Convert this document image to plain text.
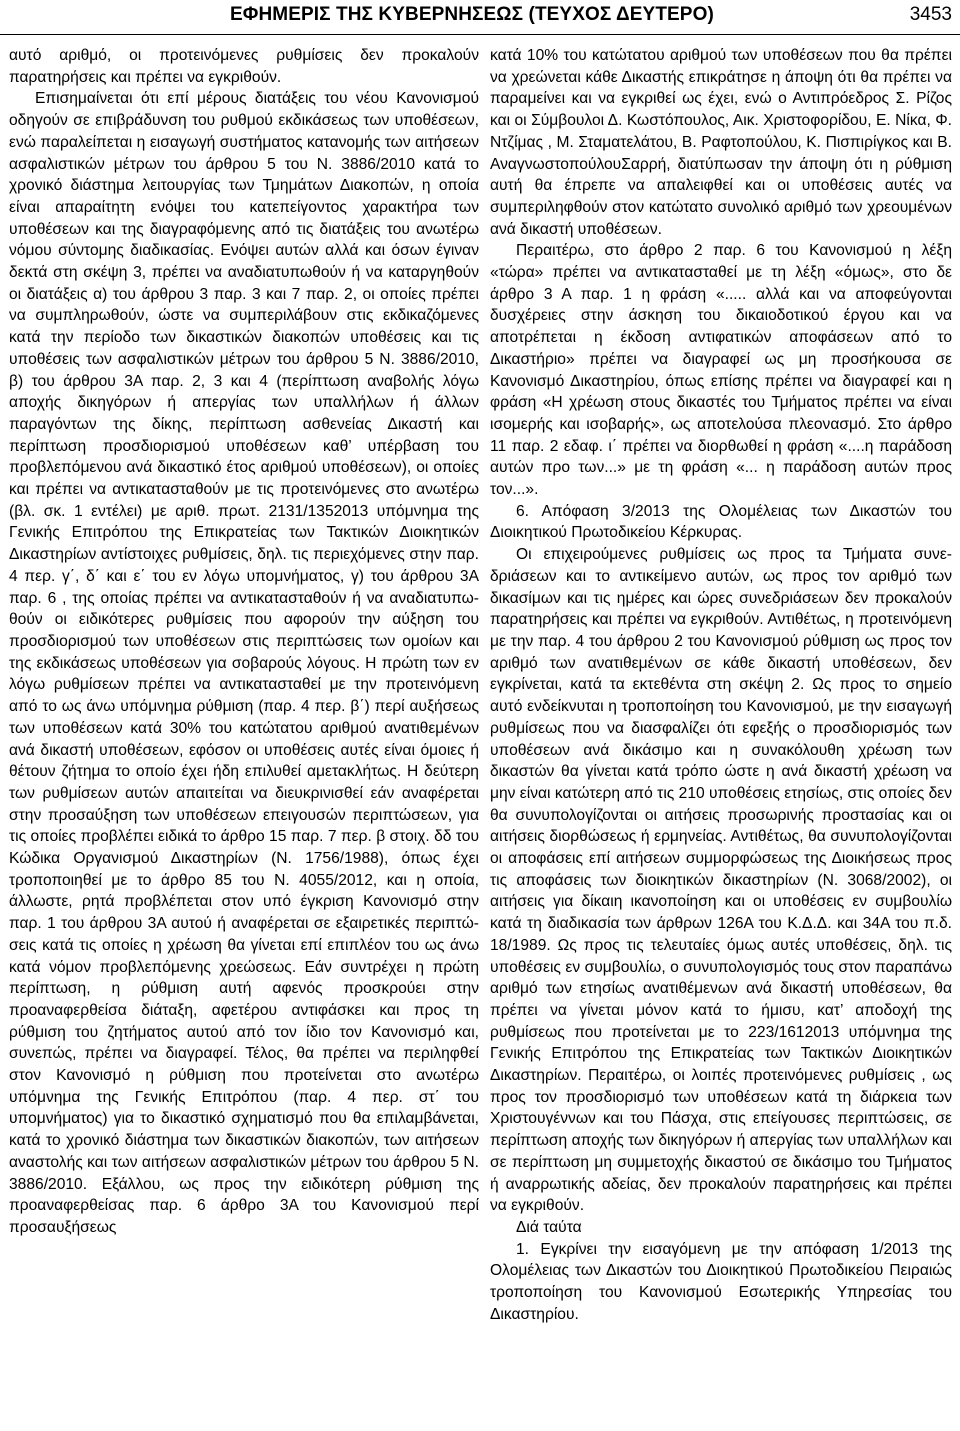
ΕΦΗΜΕΡΙΣ ΤΗΣ ΚΥΒΕΡΝΗΣΕΩΣ (ΤΕΥΧΟΣ ΔΕΥΤΕΡΟ)	3453

αυτό αριθμό, οι προτεινόμενες ρυθμίσεις δεν προκαλούν παρατηρήσεις και πρέπει να εγκριθούν.

Επισημαίνεται ότι επί μέρους διατάξεις του νέου Κανονισμού οδηγούν σε επιβράδυνση του ρυθμού εκδικάσεως των υποθέσεων, ενώ παραλείπεται η εισαγωγή συστήματος κατανομής των αιτήσεων ασφαλιστικών μέτρων του άρθρου 5 του Ν. 3886/2010 κατά το χρονικό διάστημα λειτουργίας των Τμημάτων Διακοπών, η οποία είναι απαραίτητη ενόψει του κατεπείγοντος χαρακτήρα των υποθέσεων και της διαγραφόμενης από τις διατάξεις του ανωτέρω νόμου σύντομης διαδικασίας. Ενόψει αυτών αλλά και όσων έγιναν δεκτά στη σκέψη 3, πρέπει να αναδιατυπωθούν ή να καταργηθούν οι διατάξεις α) του άρθρου 3 παρ. 3 και 7 παρ. 2, οι οποίες πρέπει να συμπληρωθούν, ώστε να συμπεριλάβουν στις εκδικαζόμενες κατά την περίοδο των δικαστικών διακοπών υποθέσεις και τις υποθέσεις των ασφαλιστικών μέτρων του άρθρου 5 Ν. 3886/2010, β) του άρθρου 3Α παρ. 2, 3 και 4 (περίπτωση αναβολής λόγω αποχής δικηγόρων ή απεργίας των υπαλλήλων ή άλλων παραγόντων της δίκης, περίπτωση ασθενείας Δικαστή και περίπτωση προσδιορισμού υποθέσεων καθ’ υπέρβαση του προβλεπόμενου ανά δικαστικό έτος αριθμού υποθέσεων), οι οποίες και πρέπει να αντικατασταθούν με τις προτεινόμενες στο ανωτέρω (βλ. σκ. 1 εντέλει) με αριθ. πρωτ. 2131/1352013 υπόμνημα της Γενικής Επιτρόπου της Επικρατείας των Τακτικών Διοικητικών Δικαστηρίων αντίστοιχες ρυθμίσεις, δηλ. τις περιεχόμενες στην παρ. 4 περ. γ΄, δ΄ και ε΄ του εν λόγω υπομνήματος, γ) του άρθρου 3Α παρ. 6 , της οποίας πρέπει να αντικατασταθούν ή να αναδιατυπωθούν οι ειδικότερες ρυθμίσεις που αφορούν την αύξηση του προσδιορισμού των υποθέσεων στις περιπτώσεις των ομοίων και της εκδικάσεως υποθέσεων για σοβαρούς λόγους. Η πρώτη των εν λόγω ρυθμίσεων πρέπει να αντικατασταθεί με την προτεινόμενη από το ως άνω υπόμνημα ρύθμιση (παρ. 4 περ. β΄) περί αυξήσεως των υποθέσεων κατά 30% του κατώτατου αριθμού ανατιθεμένων ανά δικαστή υποθέσεων, εφόσον οι υποθέσεις αυτές είναι όμοιες ή θέτουν ζήτημα το οποίο έχει ήδη επιλυθεί αμετακλήτως. Η δεύτερη των ρυθμίσεων αυτών απαιτείται να διευκρινισθεί εάν αναφέρεται στην προσαύξηση των υποθέσεων επειγουσών περιπτώσεων, για τις οποίες προβλέπει ειδικά το άρθρο 15 παρ. 7 περ. β στοιχ. δδ του Κώδικα Οργανισμού Δικαστηρίων (Ν. 1756/1988), όπως έχει τροποποιηθεί με το άρθρο 85 του Ν. 4055/2012, και η οποία, άλλωστε, ρητά προβλέπεται στον υπό έγκριση Κανονισμό στην παρ. 1 του άρθρου 3Α αυτού ή αναφέρεται σε εξαιρετικές περιπτώσεις κατά τις οποίες η χρέωση θα γίνεται επί επιπλέον του ως άνω κατά νόμον προβλεπόμενης χρεώσεως. Εάν συντρέχει η πρώτη περίπτωση, η ρύθμιση αυτή αφενός προσκρούει στην προαναφερθείσα διάταξη, αφετέρου αντιφάσκει και προς τη ρύθμιση του ζητήματος αυτού από τον ίδιο τον Κανονισμό και, συνεπώς, πρέπει να διαγραφεί. Τέλος, θα πρέπει να περιληφθεί στον Κανονισμό η ρύθμιση που προτείνεται στο ανωτέρω υπόμνημα της Γενικής Επιτρόπου (παρ. 4 περ. στ΄ του υπομνήματος) για το δικαστικό σχηματισμό που θα επιλαμβάνεται, κατά το χρονικό διάστημα των δικαστικών διακοπών, των αιτήσεων αναστολής και των αιτήσεων ασφαλιστικών μέτρων του άρθρου 5 Ν. 3886/2010. Εξάλλου, ως προς την ειδικότερη ρύθμιση της προαναφερθείσας παρ. 6 άρθρο 3Α του Κανονισμού περί προσαυξήσεως

κατά 10% του κατώτατου αριθμού των υποθέσεων που θα πρέπει να χρεώνεται κάθε Δικαστής επικράτησε η άποψη ότι θα πρέπει να παραμείνει και να εγκριθεί ως έχει, ενώ ο Αντιπρόεδρος Σ. Ρίζος και οι Σύμβουλοι Δ. Κωστόπουλος, Αικ. Χριστοφορίδου, Ε. Νίκα, Φ. Ντζίμας , Μ. Σταματελάτου, Β. Ραφτοπούλου, Κ. Πισπιρίγκος και Β. ΑναγνωστοπούλουΣαρρή, διατύπωσαν την άποψη ότι η ρύθμιση αυτή θα έπρεπε να απαλειφθεί και οι υποθέσεις αυτές να συμπεριληφθούν στον κατώτατο συνολικό αριθμό των χρεουμένων ανά δικαστή υποθέσεων.

Περαιτέρω, στο άρθρο 2 παρ. 6 του Κανονισμού η λέξη «τώρα» πρέπει να αντικατασταθεί με τη λέξη «όμως», στο δε άρθρο 3 Α παρ. 1 η φράση «..... αλλά και να αποφεύγονται δυσχέρειες στην άσκηση του δικαιοδοτικού έργου και να αποτρέπεται η έκδοση αντιφατικών αποφάσεων από το Δικαστήριο» πρέπει να διαγραφεί ως μη προσήκουσα σε Κανονισμό Δικαστηρίου, όπως επίσης πρέπει να διαγραφεί και η φράση «Η χρέωση στους δικαστές του Τμήματος πρέπει να είναι ισομερής και ισοβαρής», ως αποτελούσα πλεονασμό. Στο άρθρο 11 παρ. 2 εδαφ. ι΄ πρέπει να διορθωθεί η φράση «....η παράδοση αυτών προ των...» με τη φράση «... η παράδοση αυτών προς τον...».

6. Απόφαση 3/2013 της Ολομέλειας των Δικαστών του Διοικητικού Πρωτοδικείου Κέρκυρας.

Οι επιχειρούμενες ρυθμίσεις ως προς τα Τμήματα συνεδριάσεων και το αντικείμενο αυτών, ως προς τον αριθμό των δικασίμων και τις ημέρες και ώρες συνεδριάσεων δεν προκαλούν παρατηρήσεις και πρέπει να εγκριθούν. Αντιθέτως, η προτεινόμενη με την παρ. 4 του άρθρου 2 του Κανονισμού ρύθμιση ως προς τον αριθμό των ανατιθεμένων σε κάθε δικαστή υποθέσεων, δεν εγκρίνεται, κατά τα εκτεθέντα στη σκέψη 2. Ως προς το σημείο αυτό ενδείκνυται η τροποποίηση του Κανονισμού, με την εισαγωγή ρυθμίσεως που να διασφαλίζει ότι εφεξής ο προσδιορισμός των υποθέσεων ανά δικάσιμο και η συνακόλουθη χρέωση των δικαστών θα γίνεται κατά τρόπο ώστε η ανά δικαστή χρέωση να μην είναι κατώτερη από τις 210 υποθέσεις ετησίως, στις οποίες δεν θα συνυπολογίζονται οι αιτήσεις προσωρινής προστασίας και οι αιτήσεις διορθώσεως ή ερμηνείας. Αντιθέτως, θα συνυπολογίζονται οι αποφάσεις επί αιτήσεων συμμορφώσεως της Διοικήσεως προς τις αποφάσεις των διοικητικών δικαστηρίων (Ν. 3068/2002), οι αιτήσεις για δίκαιη ικανοποίηση και οι υποθέσεις εν συμβουλίω κατά τη διαδικασία των άρθρων 126Α του Κ.Δ.Δ. και 34Α του π.δ. 18/1989. Ως προς τις τελευταίες όμως αυτές υποθέσεις, δηλ. τις υποθέσεις εν συμβουλίω, ο συνυπολογισμός τους στον παραπάνω αριθμό των ετησίως ανατιθέμενων ανά δικαστή υποθέσεων, θα πρέπει να γίνεται μόνον κατά το ήμισυ, κατ’ αποδοχή της ρυθμίσεως που προτείνεται με το 223/1612013 υπόμνημα της Γενικής Επιτρόπου της Επικρατείας των Τακτικών Διοικητικών Δικαστηρίων. Περαιτέρω, οι λοιπές προτεινόμενες ρυθμίσεις , ως προς τον προσδιορισμό των υποθέσεων κατά τη διάρκεια των Χριστουγέννων και του Πάσχα, στις επείγουσες περιπτώσεις, σε περίπτωση αποχής των δικηγόρων ή απεργίας των υπαλλήλων και σε περίπτωση μη συμμετοχής δικαστού σε δικάσιμο του Τμήματος ή αναρρωτικής αδείας, δεν προκαλούν παρατηρήσεις και πρέπει να εγκριθούν.

Διά ταύτα

1. Εγκρίνει την εισαγόμενη με την απόφαση 1/2013 της Ολομέλειας των Δικαστών του Διοικητικού Πρωτοδικείου Πειραιώς τροποποίηση του Κανονισμού Εσωτερικής Υπηρεσίας του Δικαστηρίου.
